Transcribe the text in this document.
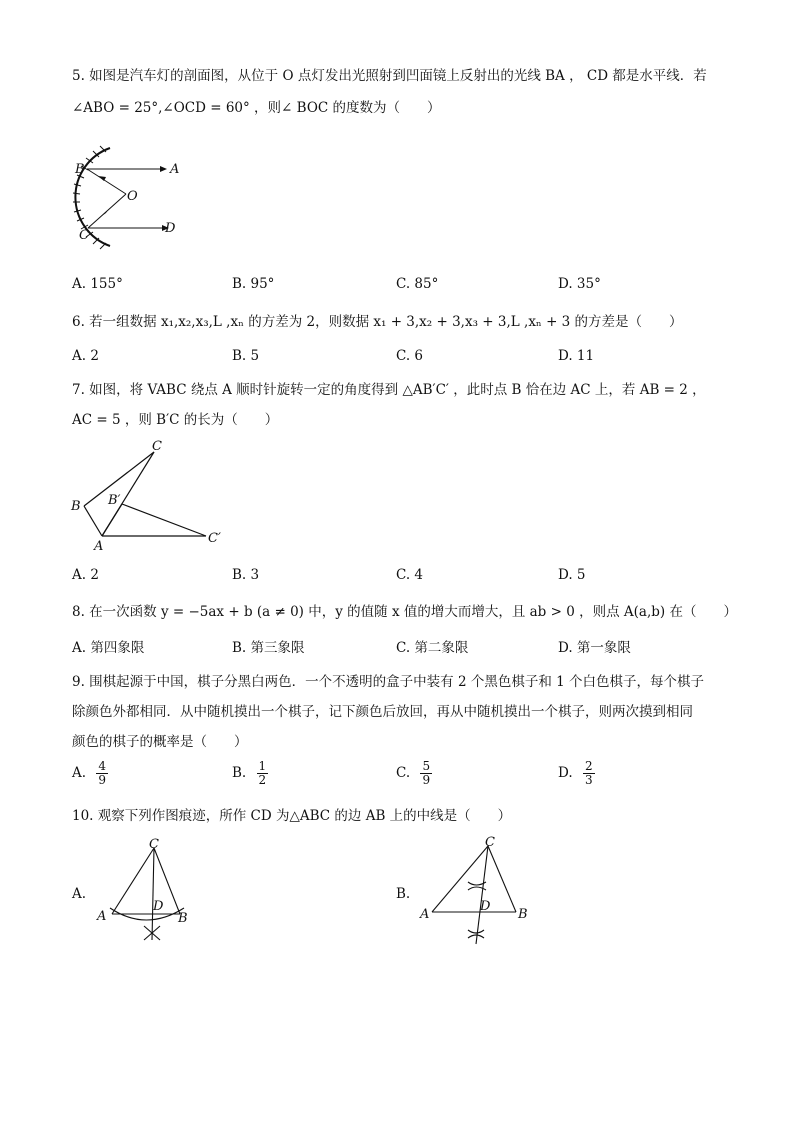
5. 如图是汽车灯的剖面图，从位于 O 点灯发出光照射到凹面镜上反射出的光线 BA ， CD 都是水平线．若
∠ABO = 25°,∠OCD = 60° ，则∠ BOC 的度数为（　　）
B	A
O
C	D
A. 155°	B. 95°	C. 85°	D. 35°
6. 若一组数据 x₁,x₂,x₃,L ,xₙ 的方差为 2，则数据 x₁ + 3,x₂ + 3,x₃ + 3,L ,xₙ + 3 的方差是（　　）
A. 2	B. 5	C. 6	D. 11
7. 如图，将 VABC 绕点 A 顺时针旋转一定的角度得到 △AB′C′ ，此时点 B 恰在边 AC 上，若 AB = 2 ，
AC = 5 ，则 B′C 的长为（　　）
C
B B′
A
C′
A. 2	B. 3	C. 4	D. 5
8. 在一次函数 y = −5ax + b (a ≠ 0) 中，y 的值随 x 值的增大而增大，且 ab > 0 ，则点 A(a,b) 在（　　）
A. 第四象限	B. 第三象限	C. 第二象限	D. 第一象限
9. 围棋起源于中国，棋子分黑白两色．一个不透明的盒子中装有 2 个黑色棋子和 1 个白色棋子，每个棋子
除颜色外都相同．从中随机摸出一个棋子，记下颜色后放回，再从中随机摸出一个棋子，则两次摸到相同
颜色的棋子的概率是（　　）
A. $\frac{4}{9}$	B. $\frac{1}{2}$	C. $\frac{5}{9}$	D. $\frac{2}{3}$
10. 观察下列作图痕迹，所作 CD 为△ABC 的边 AB 上的中线是（　　）
A.
C
A
D
B
B.
C
A
D
B
